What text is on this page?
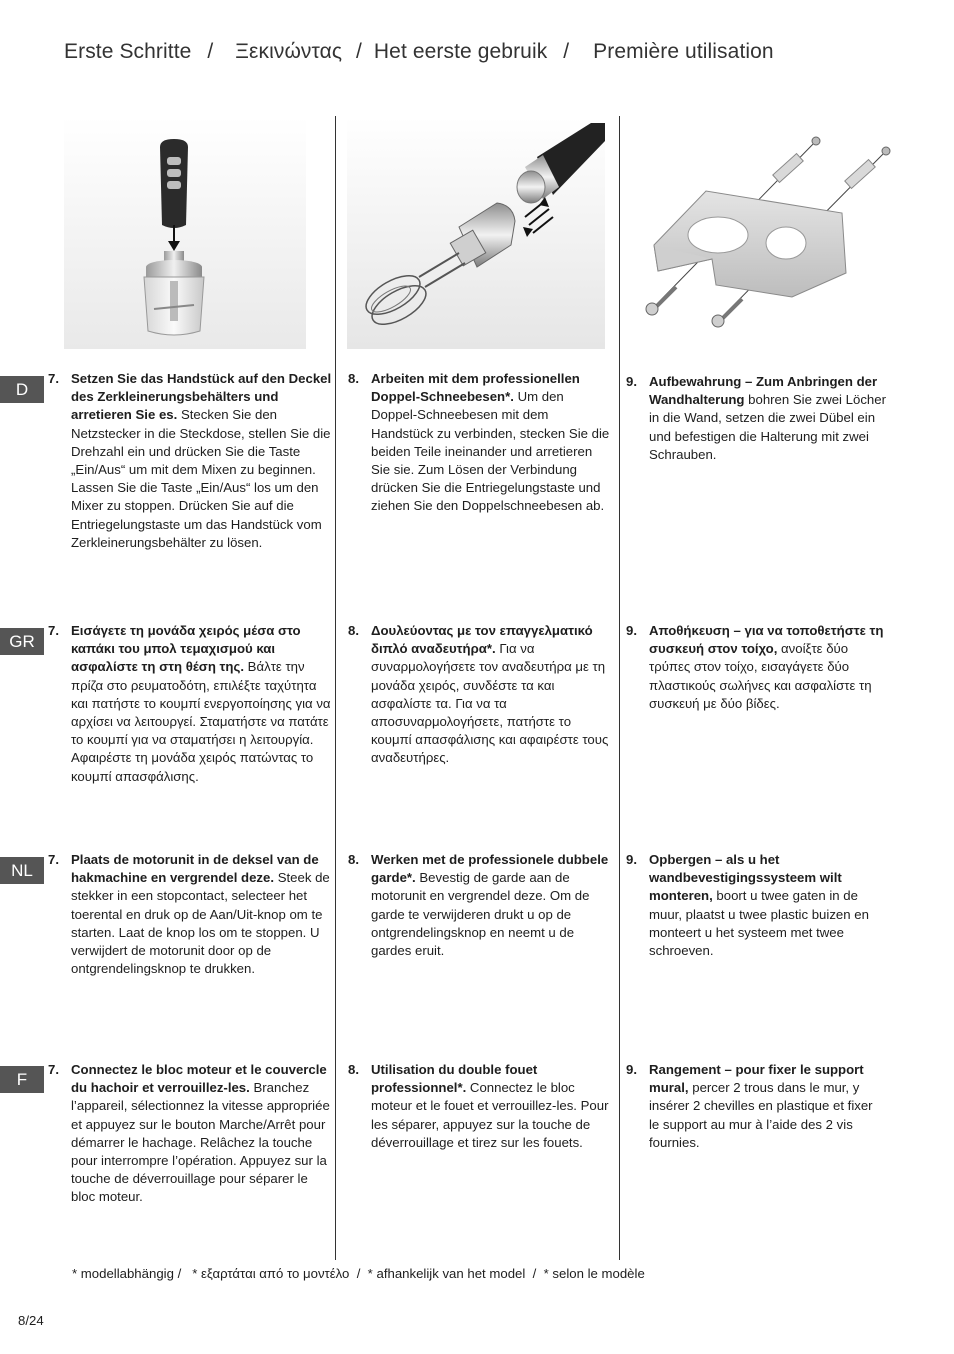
Erste Schritte / Ξεκινώντας / Het eerste gebruik / Première utilisation
D
GR
NL
F
7. Setzen Sie das Handstück auf den Deckel des Zerkleinerungsbehälters und arretieren Sie es. Stecken Sie den Netzstecker in die Steckdose, stellen Sie die Drehzahl ein und drücken Sie die Taste „Ein/Aus“ um mit dem Mixen zu beginnen. Lassen Sie die Taste „Ein/Aus“ los um den Mixer zu stoppen. Drücken Sie auf die Entriegelungstaste um das Handstück vom Zerkleinerungsbehälter zu lösen.
8. Arbeiten mit dem professionellen Doppel-Schneebesen*. Um den Doppel-Schneebesen mit dem Handstück zu verbinden, stecken Sie die beiden Teile ineinander und arretieren Sie sie. Zum Lösen der Verbindung drücken Sie die Entriegelungstaste und ziehen Sie den Doppelschneebesen ab.
9. Aufbewahrung – Zum Anbringen der Wandhalterung bohren Sie zwei Löcher in die Wand, setzen die zwei Dübel ein und befestigen die Halterung mit zwei Schrauben.
7. Εισάγετε τη μονάδα χειρός μέσα στο καπάκι του μπολ τεμαχισμού και ασφαλίστε τη στη θέση της. Βάλτε την πρίζα στο ρευματοδότη, επιλέξτε ταχύτητα και πατήστε το κουμπί ενεργοποίησης για να αρχίσει να λειτουργεί. Σταματήστε να πατάτε το κουμπί για να σταματήσει η λειτουργία. Αφαιρέστε τη μονάδα χειρός πατώντας το κουμπί απασφάλισης.
8. Δουλεύοντας με τον επαγγελματικό διπλό αναδευτήρα*. Για να συναρμολογήσετε τον αναδευτήρα με τη μονάδα χειρός, συνδέστε τα και ασφαλίστε τα. Για να τα αποσυναρμολογήσετε, πατήστε το κουμπί απασφάλισης και αφαιρέστε τους αναδευτήρες.
9. Αποθήκευση – για να τοποθετήστε τη συσκευή στον τοίχο, ανοίξτε δύο τρύπες στον τοίχο, εισαγάγετε δύο πλαστικούς σωλήνες και ασφαλίστε τη συσκευή με δύο βίδες.
7. Plaats de motorunit in de deksel van de hakmachine en vergrendel deze. Steek de stekker in een stopcontact, selecteer het toerental en druk op de Aan/Uit-knop om te starten. Laat de knop los om te stoppen. U verwijdert de motorunit door op de ontgrendelingsknop te drukken.
8. Werken met de professionele dubbele garde*. Bevestig de garde aan de motorunit en vergrendel deze. Om de garde te verwijderen drukt u op de ontgrendelingsknop en neemt u de gardes eruit.
9. Opbergen – als u het wandbevestigingssysteem wilt monteren, boort u twee gaten in de muur, plaatst u twee plastic buizen en monteert u het systeem met twee schroeven.
7. Connectez le bloc moteur et le couvercle du hachoir et verrouillez-les. Branchez l’appareil, sélectionnez la vitesse appropriée et appuyez sur le bouton Marche/Arrêt pour démarrer le hachage. Relâchez la touche pour interrompre l’opération. Appuyez sur la touche de déverrouillage pour séparer le bloc moteur.
8. Utilisation du double fouet professionnel*. Connectez le bloc moteur et le fouet et verrouillez-les. Pour les séparer, appuyez sur la touche de déverrouillage et tirez sur les fouets.
9. Rangement – pour fixer le support mural, percer 2 trous dans le mur, y insérer 2 chevilles en plastique et fixer le support au mur à l’aide des 2 vis fournies.
* modellabhängig /   * εξαρτάται από το μοντέλο  /  * afhankelijk van het model  /  * selon le modèle
8/24
